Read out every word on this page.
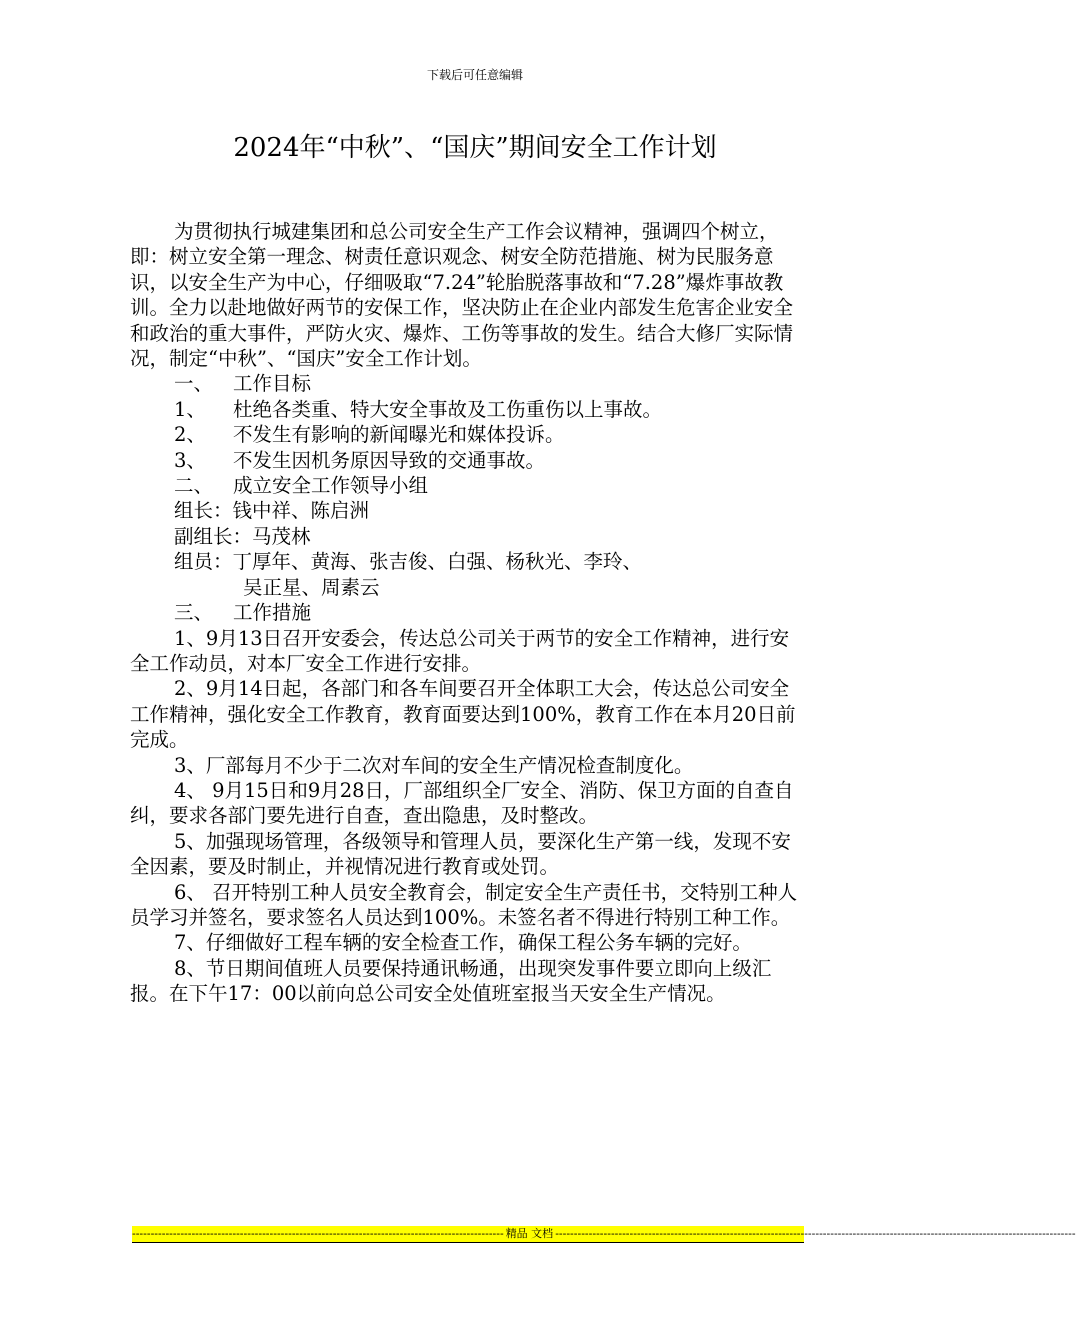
下载后可任意编辑
2024年“中秋”、“国庆”期间安全工作计划

为贯彻执行城建集团和总公司安全生产工作会议精神，强调四个树立，即：树立安全第一理念、树责任意识观念、树安全防范措施、树为民服务意识，以安全生产为中心，仔细吸取“7.24”轮胎脱落事故和“7.28”爆炸事故教训。全力以赴地做好两节的安保工作，坚决防止在企业内部发生危害企业安全和政治的重大事件，严防火灾、爆炸、工伤等事故的发生。结合大修厂实际情况，制定“中秋”、“国庆”安全工作计划。

一、 工作目标

1、 杜绝各类重、特大安全事故及工伤重伤以上事故。

2、 不发生有影响的新闻曝光和媒体投诉。

3、 不发生因机务原因导致的交通事故。

二、 成立安全工作领导小组

组长：钱中祥、陈启洲

副组长：马茂林

组员：丁厚年、黄海、张吉俊、白强、杨秋光、李玲、

吴正星、周素云

三、 工作措施

1、9月13日召开安委会，传达总公司关于两节的安全工作精神，进行安全工作动员，对本厂安全工作进行安排。

2、9月14日起，各部门和各车间要召开全体职工大会，传达总公司安全工作精神，强化安全工作教育，教育面要达到100%，教育工作在本月20日前完成。

3、厂部每月不少于二次对车间的安全生产情况检查制度化。

4、 9月15日和9月28日，厂部组织全厂安全、消防、保卫方面的自查自纠，要求各部门要先进行自查，查出隐患，及时整改。

5、加强现场管理，各级领导和管理人员，要深化生产第一线，发现不安全因素，要及时制止，并视情况进行教育或处罚。

6、 召开特别工种人员安全教育会，制定安全生产责任书，交特别工种人员学习并签名，要求签名人员达到100%。未签名者不得进行特别工种工作。

7、仔细做好工程车辆的安全检查工作，确保工程公务车辆的完好。

8、节日期间值班人员要保持通讯畅通，出现突发事件要立即向上级汇报。在下午17：00以前向总公司安全处值班室报当天安全生产情况。

---------------------------------------------------------------------------------------------------- 精品 文档 --------------------------------------------------------------------------------------------------------------------------------------------
